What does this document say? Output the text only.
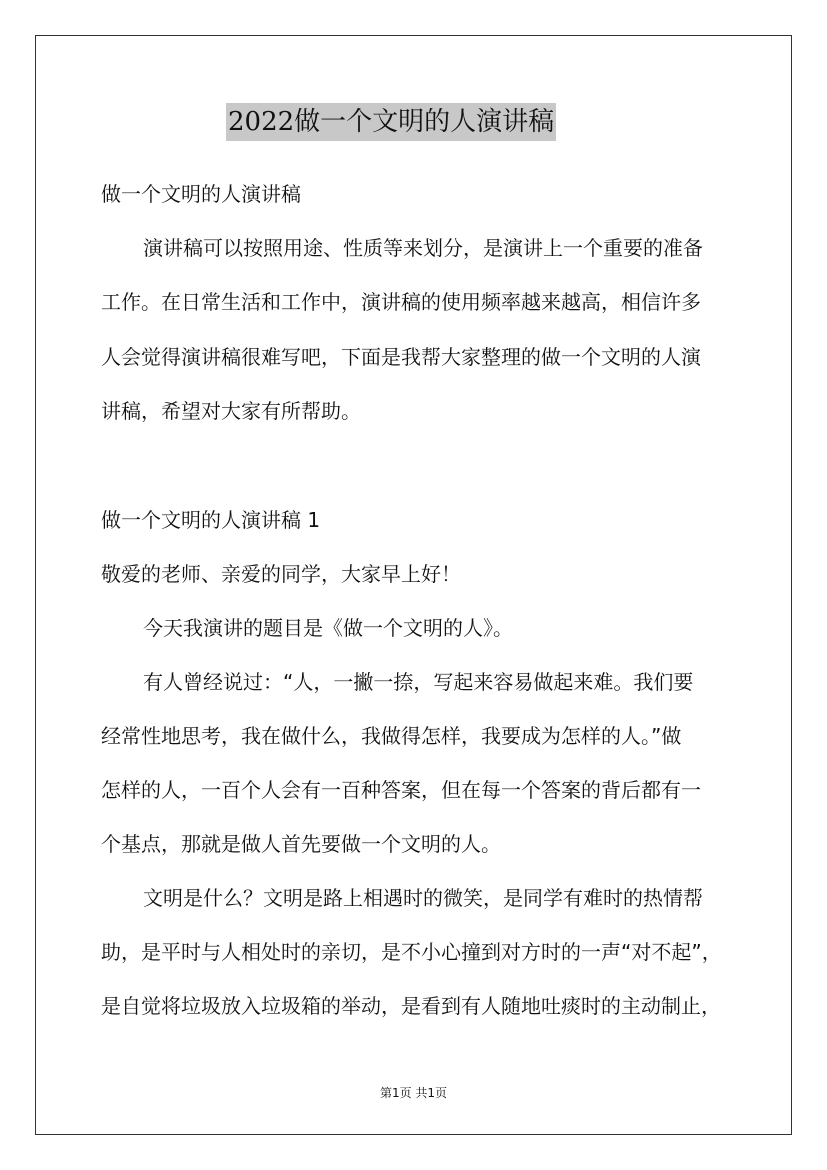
2022做一个文明的人演讲稿
做一个文明的人演讲稿
演讲稿可以按照用途、性质等来划分，是演讲上一个重要的准备
工作。在日常生活和工作中，演讲稿的使用频率越来越高，相信许多
人会觉得演讲稿很难写吧，下面是我帮大家整理的做一个文明的人演
讲稿，希望对大家有所帮助。
做一个文明的人演讲稿 1
敬爱的老师、亲爱的同学，大家早上好！
今天我演讲的题目是《做一个文明的人》。
有人曾经说过：“人，一撇一捺，写起来容易做起来难。我们要
经常性地思考，我在做什么，我做得怎样，我要成为怎样的人。”做
怎样的人，一百个人会有一百种答案，但在每一个答案的背后都有一
个基点，那就是做人首先要做一个文明的人。
文明是什么？文明是路上相遇时的微笑，是同学有难时的热情帮
助，是平时与人相处时的亲切，是不小心撞到对方时的一声“对不起”，
是自觉将垃圾放入垃圾箱的举动，是看到有人随地吐痰时的主动制止，
第1页 共1页
